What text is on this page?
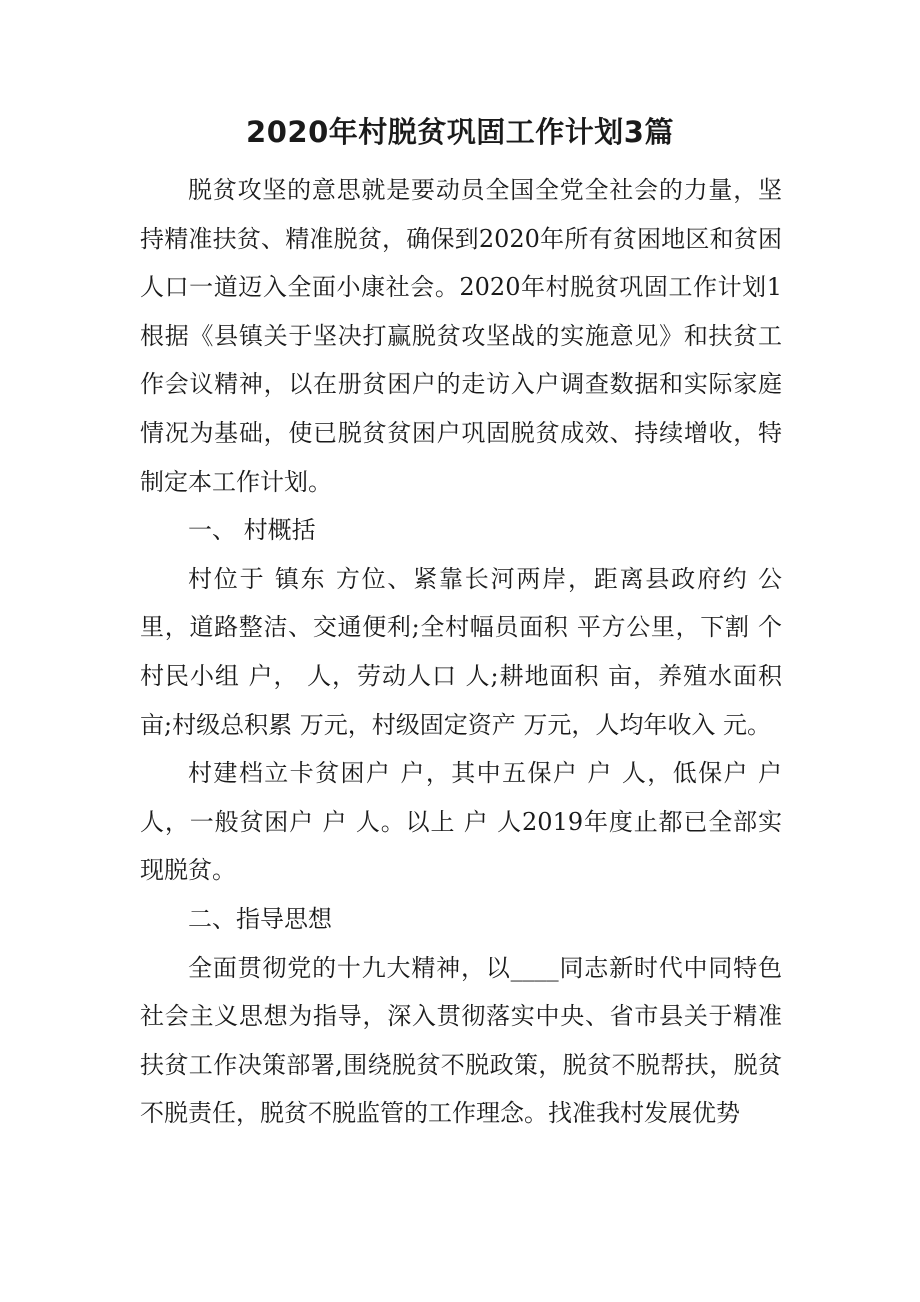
2020年村脱贫巩固工作计划3篇

脱贫攻坚的意思就是要动员全国全党全社会的力量，坚持精准扶贫、精准脱贫，确保到2020年所有贫困地区和贫困人口一道迈入全面小康社会。2020年村脱贫巩固工作计划1根据《县镇关于坚决打赢脱贫攻坚战的实施意见》和扶贫工作会议精神，以在册贫困户的走访入户调查数据和实际家庭情况为基础，使已脱贫贫困户巩固脱贫成效、持续增收，特制定本工作计划。

一、 村概括

村位于 镇东 方位、紧靠长河两岸，距离县政府约 公里，道路整洁、交通便利;全村幅员面积 平方公里，下割 个村民小组 户， 人，劳动人口 人;耕地面积 亩，养殖水面积 亩;村级总积累 万元，村级固定资产 万元，人均年收入 元。

村建档立卡贫困户 户，其中五保户 户 人，低保户 户 人，一般贫困户 户 人。以上 户 人2019年度止都已全部实现脱贫。

二、指导思想

全面贯彻党的十九大精神，以____同志新时代中同特色社会主义思想为指导，深入贯彻落实中央、省市县关于精准扶贫工作决策部署,围绕脱贫不脱政策，脱贫不脱帮扶，脱贫不脱责任，脱贫不脱监管的工作理念。找准我村发展优势
